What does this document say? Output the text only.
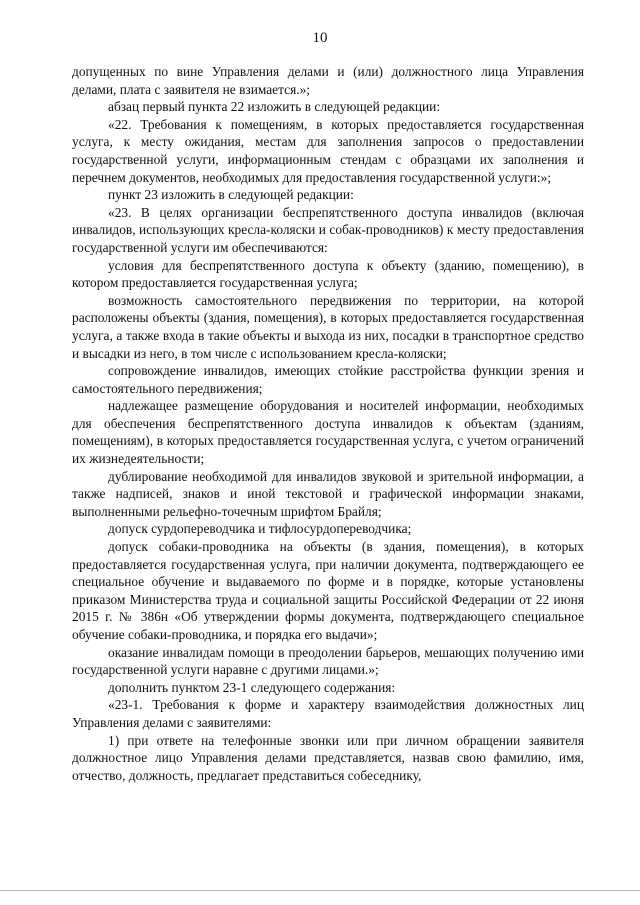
10

допущенных по вине Управления делами и (или) должностного лица Управления делами, плата с заявителя не взимается.»;

абзац первый пункта 22 изложить в следующей редакции:

«22. Требования к помещениям, в которых предоставляется государственная услуга, к месту ожидания, местам для заполнения запросов о предоставлении государственной услуги, информационным стендам с образцами их заполнения и перечнем документов, необходимых для предоставления государственной услуги:»;

пункт 23 изложить в следующей редакции:

«23. В целях организации беспрепятственного доступа инвалидов (включая инвалидов, использующих кресла-коляски и собак-проводников) к месту предоставления государственной услуги им обеспечиваются:

условия для беспрепятственного доступа к объекту (зданию, помещению), в котором предоставляется государственная услуга;

возможность самостоятельного передвижения по территории, на которой расположены объекты (здания, помещения), в которых предоставляется государственная услуга, а также входа в такие объекты и выхода из них, посадки в транспортное средство и высадки из него, в том числе с использованием кресла-коляски;

сопровождение инвалидов, имеющих стойкие расстройства функции зрения и самостоятельного передвижения;

надлежащее размещение оборудования и носителей информации, необходимых для обеспечения беспрепятственного доступа инвалидов к объектам (зданиям, помещениям), в которых предоставляется государственная услуга, с учетом ограничений их жизнедеятельности;

дублирование необходимой для инвалидов звуковой и зрительной информации, а также надписей, знаков и иной текстовой и графической информации знаками, выполненными рельефно-точечным шрифтом Брайля;

допуск сурдопереводчика и тифлосурдопереводчика;

допуск собаки-проводника на объекты (в здания, помещения), в которых предоставляется государственная услуга, при наличии документа, подтверждающего ее специальное обучение и выдаваемого по форме и в порядке, которые установлены приказом Министерства труда и социальной защиты Российской Федерации от 22 июня 2015 г. № 386н «Об утверждении формы документа, подтверждающего специальное обучение собаки-проводника, и порядка его выдачи»;

оказание инвалидам помощи в преодолении барьеров, мешающих получению ими государственной услуги наравне с другими лицами.»;

дополнить пунктом 23-1 следующего содержания:

«23-1. Требования к форме и характеру взаимодействия должностных лиц Управления делами с заявителями:

1) при ответе на телефонные звонки или при личном обращении заявителя должностное лицо Управления делами представляется, назвав свою фамилию, имя, отчество, должность, предлагает представиться собеседнику,
